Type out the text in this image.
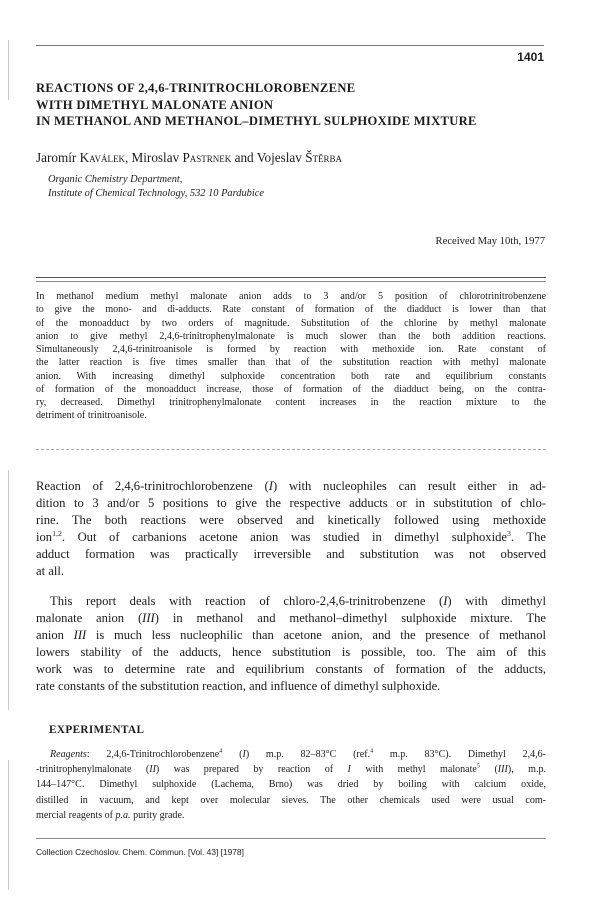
1401
REACTIONS OF 2,4,6-TRINITROCHLOROBENZENE
WITH DIMETHYL MALONATE ANION
IN METHANOL AND METHANOL–DIMETHYL SULPHOXIDE MIXTURE
Jaromír Kaválek, Miroslav Pastrnek and Vojeslav Štěrba
Organic Chemistry Department,
Institute of Chemical Technology, 532 10 Pardubice
Received May 10th, 1977
In methanol medium methyl malonate anion adds to 3 and/or 5 position of chlorotrinitrobenzene
to give the mono- and di-adducts. Rate constant of formation of the diadduct is lower than that
of the monoadduct by two orders of magnitude. Substitution of the chlorine by methyl malonate
anion to give methyl 2,4,6-trinitrophenylmalonate is much slower than the both addition reactions.
Simultaneously 2,4,6-trinitroanisole is formed by reaction with methoxide ion. Rate constant of
the latter reaction is five times smaller than that of the substitution reaction with methyl malonate
anion. With increasing dimethyl sulphoxide concentration both rate and equilibrium constants
of formation of the monoadduct increase, those of formation of the diadduct being, on the contra-
ry, decreased. Dimethyl trinitrophenylmalonate content increases in the reaction mixture to the
detriment of trinitroanisole.
Reaction of 2,4,6-trinitrochlorobenzene (I) with nucleophiles can result either in ad-
dition to 3 and/or 5 positions to give the respective adducts or in substitution of chlo-
rine. The both reactions were observed and kinetically followed using methoxide
ion$^{1,2}$. Out of carbanions acetone anion was studied in dimethyl sulphoxide$^3$. The
adduct formation was practically irreversible and substitution was not observed
at all.
This report deals with reaction of chloro-2,4,6-trinitrobenzene (I) with dimethyl
malonate anion (III) in methanol and methanol–dimethyl sulphoxide mixture. The
anion III is much less nucleophilic than acetone anion, and the presence of methanol
lowers stability of the adducts, hence substitution is possible, too. The aim of this
work was to determine rate and equilibrium constants of formation of the adducts,
rate constants of the substitution reaction, and influence of dimethyl sulphoxide.
EXPERIMENTAL
Reagents: 2,4,6-Trinitrochlorobenzene$^4$ (I) m.p. 82–83°C (ref.$^4$ m.p. 83°C). Dimethyl 2,4,6-
-trinitrophenylmalonate (II) was prepared by reaction of I with methyl malonate$^5$ (III), m.p.
144–147°C. Dimethyl sulphoxide (Lachema, Brno) was dried by boiling with calcium oxide,
distilled in vacuum, and kept over molecular sieves. The other chemicals used were usual com-
mercial reagents of p.a. purity grade.
Collection Czechoslov. Chem. Commun. [Vol. 43] [1978]
